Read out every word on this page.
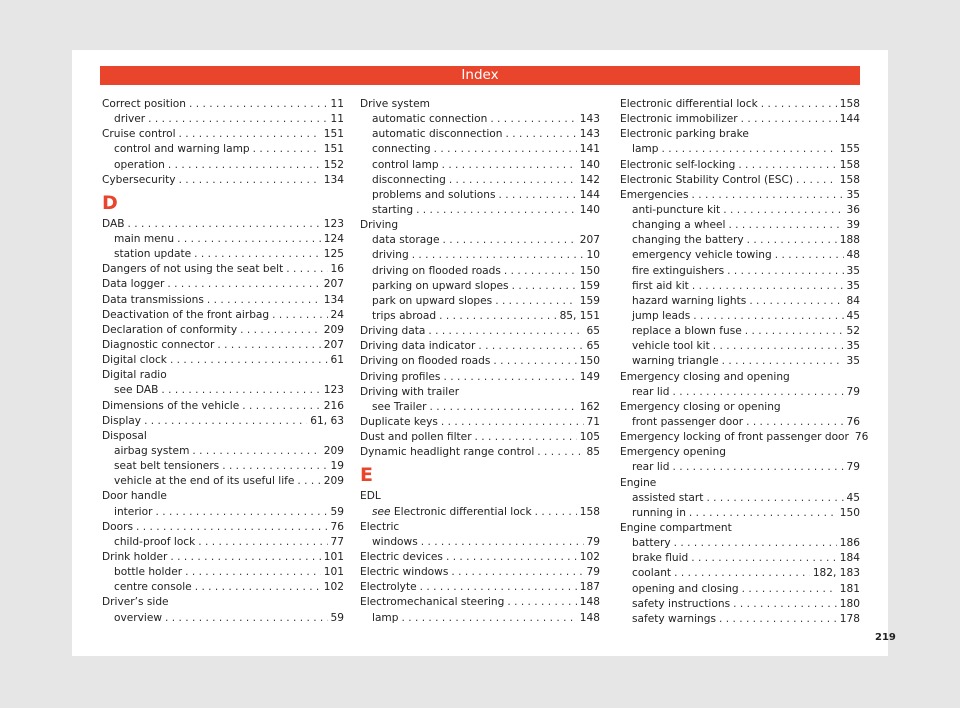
Index
Correct position . . .	11
driver . . .	11
Cruise control . . .	151
control and warning lamp . . .	151
operation . . .	152
Cybersecurity . . .	134
D
DAB . . .	123
main menu . . .	124
station update . . .	125
Dangers of not using the seat belt . . .	16
Data logger . . .	207
Data transmissions . . .	134
Deactivation of the front airbag . . .	24
Declaration of conformity . . .	209
Diagnostic connector . . .	207
Digital clock . . .	61
Digital radio
see DAB . . .	123
Dimensions of the vehicle . . .	216
Display . . .	61, 63
Disposal
airbag system . . .	209
seat belt tensioners . . .	19
vehicle at the end of its useful life . . .	209
Door handle
interior . . .	59
Doors . . .	76
child-proof lock . . .	77
Drink holder . . .	101
bottle holder . . .	101
centre console . . .	102
Driver’s side
overview . . .	59
Drive system
automatic connection . . .	143
automatic disconnection . . .	143
connecting . . .	141
control lamp . . .	140
disconnecting . . .	142
problems and solutions . . .	144
starting . . .	140
Driving
data storage . . .	207
driving . . .	10
driving on flooded roads . . .	150
parking on upward slopes . . .	159
park on upward slopes . . .	159
trips abroad . . .	85, 151
Driving data . . .	65
Driving data indicator . . .	65
Driving on flooded roads . . .	150
Driving profiles . . .	149
Driving with trailer
see Trailer . . .	162
Duplicate keys . . .	71
Dust and pollen filter . . .	105
Dynamic headlight range control . . .	85
E
EDL
see Electronic differential lock . . .	158
Electric
windows . . .	79
Electric devices . . .	102
Electric windows . . .	79
Electrolyte . . .	187
Electromechanical steering . . .	148
lamp . . .	148
Electronic differential lock . . .	158
Electronic immobilizer . . .	144
Electronic parking brake
lamp . . .	155
Electronic self-locking . . .	158
Electronic Stability Control (ESC) . . .	158
Emergencies . . .	35
anti-puncture kit . . .	36
changing a wheel . . .	39
changing the battery . . .	188
emergency vehicle towing . . .	48
fire extinguishers . . .	35
first aid kit . . .	35
hazard warning lights . . .	84
jump leads . . .	45
replace a blown fuse . . .	52
vehicle tool kit . . .	35
warning triangle . . .	35
Emergency closing and opening
rear lid . . .	79
Emergency closing or opening
front passenger door . . .	76
Emergency locking of front passenger door 76
Emergency opening
rear lid . . .	79
Engine
assisted start . . .	45
running in . . .	150
Engine compartment
battery . . .	186
brake fluid . . .	184
coolant . . .	182, 183
opening and closing . . .	181
safety instructions . . .	180
safety warnings . . .	178
219
